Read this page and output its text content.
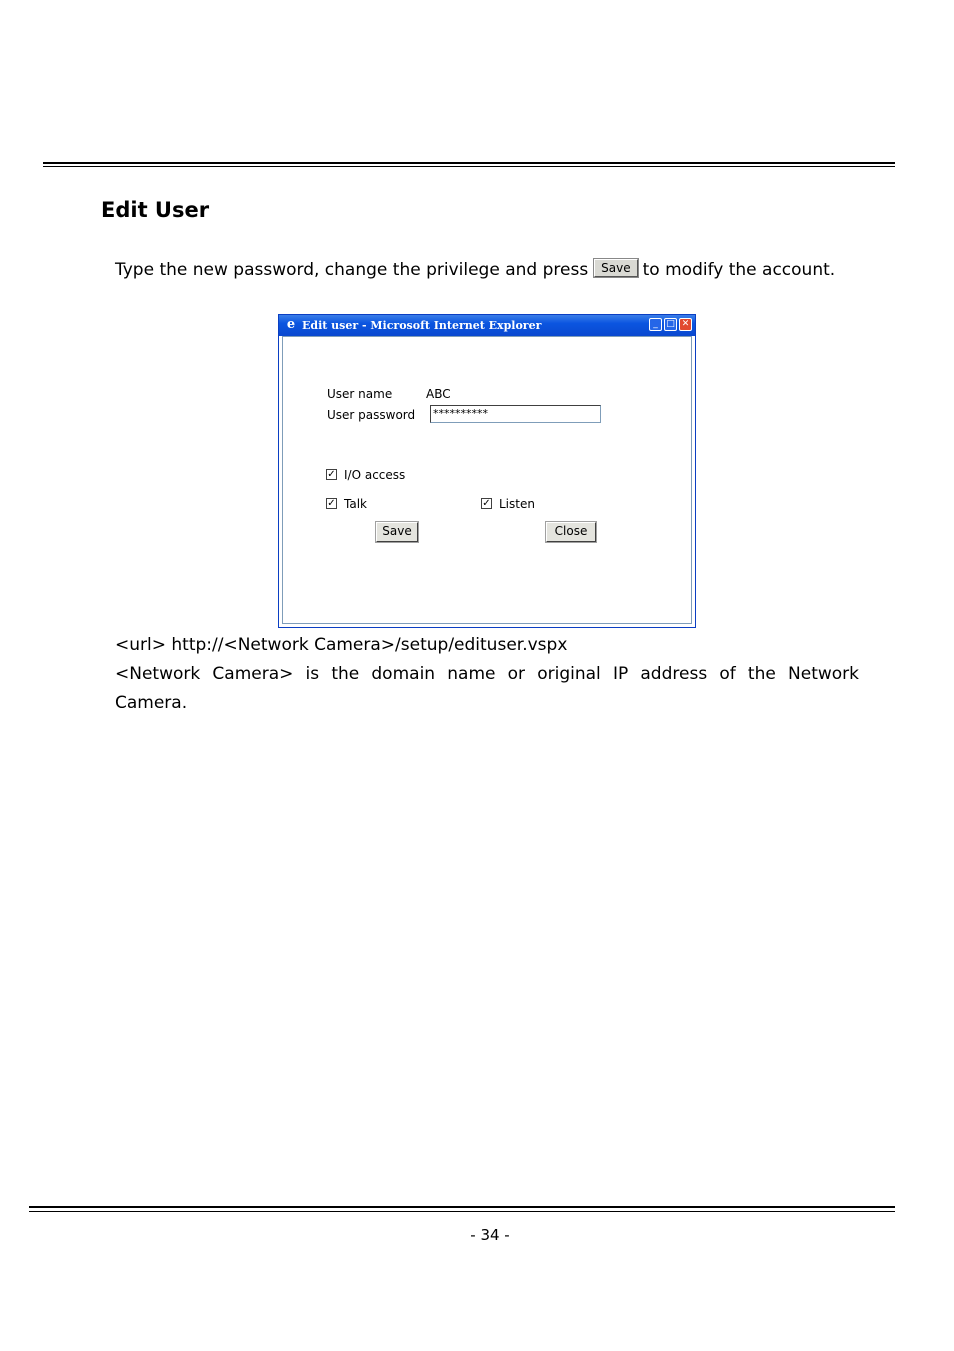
Edit User
Type the new password, change the privilege and press Save to modify the account.
e Edit user - Microsoft Internet Explorer	_ □ ✕
User name	ABC
User password **********
✓ I/O access
✓ Talk	✓ Listen
Save	Close
<url> http://<Network Camera>/setup/edituser.vspx
<Network Camera> is the domain name or original IP address of the Network
Camera.
- 34 -
